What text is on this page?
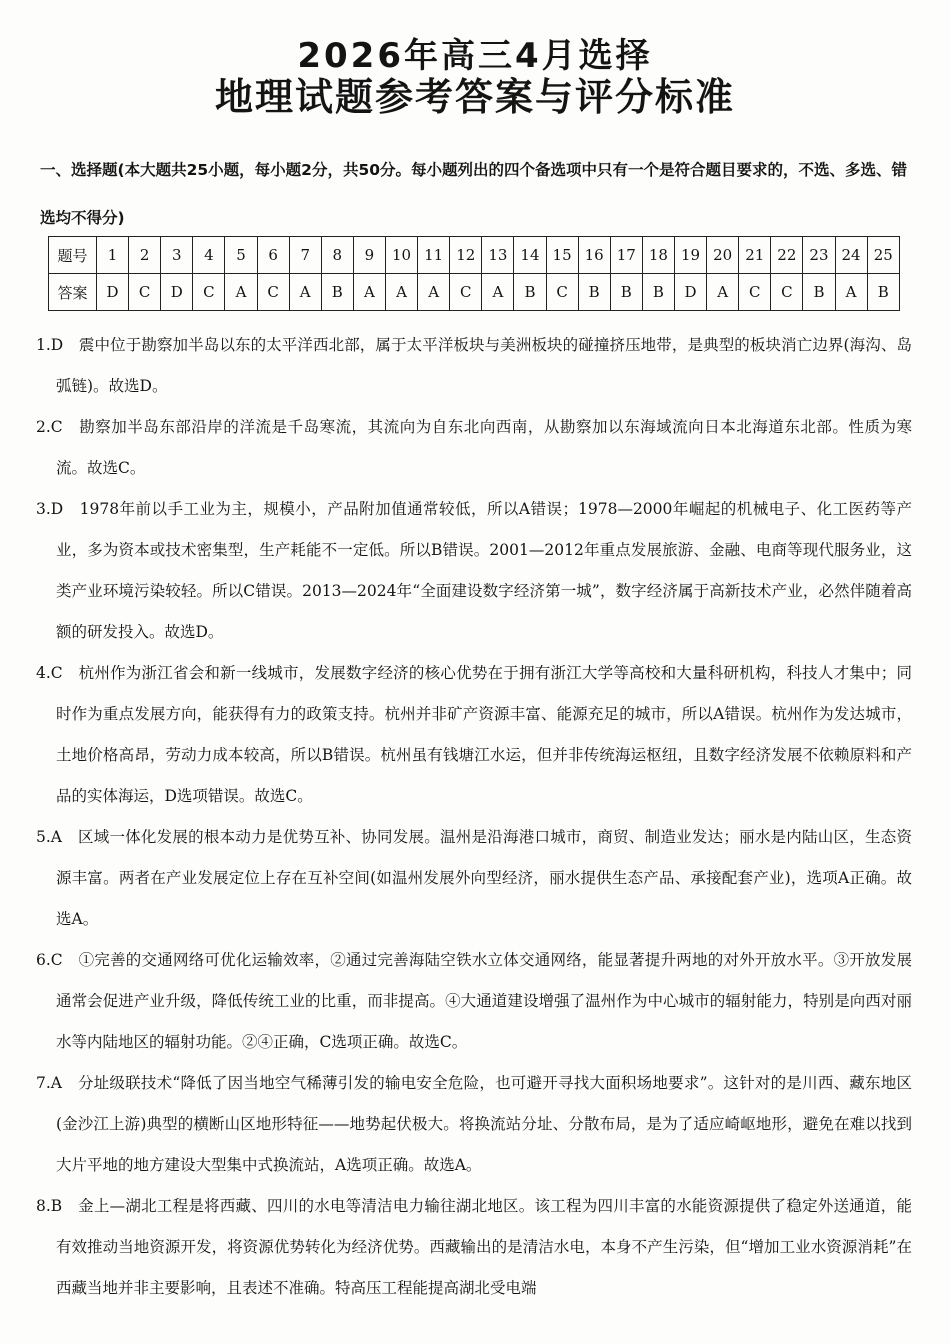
2026年高三4月选择
地理试题参考答案与评分标准
一、选择题(本大题共25小题，每小题2分，共50分。每小题列出的四个备选项中只有一个是符合题目要求的，不选、多选、错选均不得分)
题号	1	2	3	4	5	6	7	8	9	10	11	12	13	14	15	16	17	18	19	20	21	22	23	24	25
答案	D	C	D	C	A	C	A	B	A	A	A	C	A	B	C	B	B	B	D	A	C	C	B	A	B
1.D　震中位于勘察加半岛以东的太平洋西北部，属于太平洋板块与美洲板块的碰撞挤压地带，是典型的板块消亡边界(海沟、岛弧链)。故选D。
2.C　勘察加半岛东部沿岸的洋流是千岛寒流，其流向为自东北向西南，从勘察加以东海域流向日本北海道东北部。性质为寒流。故选C。
3.D　1978年前以手工业为主，规模小，产品附加值通常较低，所以A错误；1978—2000年崛起的机械电子、化工医药等产业，多为资本或技术密集型，生产耗能不一定低。所以B错误。2001—2012年重点发展旅游、金融、电商等现代服务业，这类产业环境污染较轻。所以C错误。2013—2024年“全面建设数字经济第一城”，数字经济属于高新技术产业，必然伴随着高额的研发投入。故选D。
4.C　杭州作为浙江省会和新一线城市，发展数字经济的核心优势在于拥有浙江大学等高校和大量科研机构，科技人才集中；同时作为重点发展方向，能获得有力的政策支持。杭州并非矿产资源丰富、能源充足的城市，所以A错误。杭州作为发达城市，土地价格高昂，劳动力成本较高，所以B错误。杭州虽有钱塘江水运，但并非传统海运枢纽，且数字经济发展不依赖原料和产品的实体海运，D选项错误。故选C。
5.A　区域一体化发展的根本动力是优势互补、协同发展。温州是沿海港口城市，商贸、制造业发达；丽水是内陆山区，生态资源丰富。两者在产业发展定位上存在互补空间(如温州发展外向型经济，丽水提供生态产品、承接配套产业)，选项A正确。故选A。
6.C　①完善的交通网络可优化运输效率，②通过完善海陆空铁水立体交通网络，能显著提升两地的对外开放水平。③开放发展通常会促进产业升级，降低传统工业的比重，而非提高。④大通道建设增强了温州作为中心城市的辐射能力，特别是向西对丽水等内陆地区的辐射功能。②④正确，C选项正确。故选C。
7.A　分址级联技术“降低了因当地空气稀薄引发的输电安全危险，也可避开寻找大面积场地要求”。这针对的是川西、藏东地区(金沙江上游)典型的横断山区地形特征——地势起伏极大。将换流站分址、分散布局，是为了适应崎岖地形，避免在难以找到大片平地的地方建设大型集中式换流站，A选项正确。故选A。
8.B　金上—湖北工程是将西藏、四川的水电等清洁电力输往湖北地区。该工程为四川丰富的水能资源提供了稳定外送通道，能有效推动当地资源开发，将资源优势转化为经济优势。西藏输出的是清洁水电，本身不产生污染，但“增加工业水资源消耗”在西藏当地并非主要影响，且表述不准确。特高压工程能提高湖北受电端
